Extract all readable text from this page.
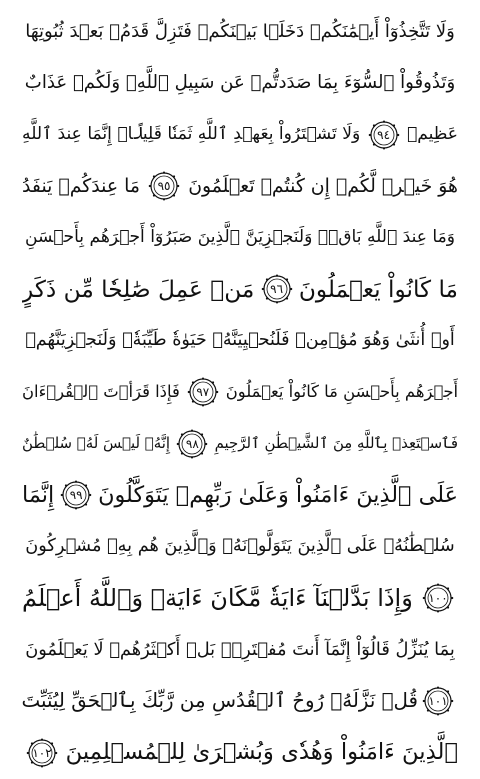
وَلَا تَتَّخِذُوٓاْ أَيۡمَٰنَكُمۡ دَخَلَۢا بَيۡنَكُمۡ فَتَزِلَّ قَدَمُۢ بَعۡدَ ثُبُوتِهَا
وَتَذُوقُواْ ٱلسُّوٓءَ بِمَا صَدَدتُّمۡ عَن سَبِيلِ ٱللَّهِۖ وَلَكُمۡ عَذَابٌ
عَظِيمٞ
٩٤
وَلَا تَشۡتَرُواْ بِعَهۡدِ ٱللَّهِ ثَمَنٗا قَلِيلًاۚ إِنَّمَا عِندَ ٱللَّهِ
هُوَ خَيۡرٞ لَّكُمۡ إِن كُنتُمۡ تَعۡلَمُونَ
٩٥
مَا عِندَكُمۡ يَنفَدُ
وَمَا عِندَ ٱللَّهِ بَاقٖۗ وَلَنَجۡزِيَنَّ ٱلَّذِينَ صَبَرُوٓاْ أَجۡرَهُم بِأَحۡسَنِ
مَا كَانُواْ يَعۡمَلُونَ
٩٦
مَنۡ عَمِلَ صَٰلِحٗا مِّن ذَكَرٍ
أَوۡ أُنثَىٰ وَهُوَ مُؤۡمِنٞ فَلَنُحۡيِيَنَّهُۥ حَيَوٰةٗ طَيِّبَةٗۖ وَلَنَجۡزِيَنَّهُمۡ
أَجۡرَهُم بِأَحۡسَنِ مَا كَانُواْ يَعۡمَلُونَ
٩٧
فَإِذَا قَرَأۡتَ ٱلۡقُرۡءَانَ
فَٱسۡتَعِذۡ بِٱللَّهِ مِنَ ٱلشَّيۡطَٰنِ ٱلرَّجِيمِ
٩٨
إِنَّهُۥ لَيۡسَ لَهُۥ سُلۡطَٰنٌ
عَلَى ٱلَّذِينَ ءَامَنُواْ وَعَلَىٰ رَبِّهِمۡ يَتَوَكَّلُونَ
٩٩
إِنَّمَا
سُلۡطَٰنُهُۥ عَلَى ٱلَّذِينَ يَتَوَلَّوۡنَهُۥ وَٱلَّذِينَ هُم بِهِۦ مُشۡرِكُونَ
١٠٠
وَإِذَا بَدَّلۡنَآ ءَايَةٗ مَّكَانَ ءَايَةٖ وَٱللَّهُ أَعۡلَمُ
بِمَا يُنَزِّلُ قَالُوٓاْ إِنَّمَآ أَنتَ مُفۡتَرِۭۚ بَلۡ أَكۡثَرُهُمۡ لَا يَعۡلَمُونَ
١٠١
قُلۡ نَزَّلَهُۥ رُوحُ ٱلۡقُدُسِ مِن رَّبِّكَ بِٱلۡحَقِّ لِيُثَبِّتَ
ٱلَّذِينَ ءَامَنُواْ وَهُدٗى وَبُشۡرَىٰ لِلۡمُسۡلِمِينَ
١٠٢
